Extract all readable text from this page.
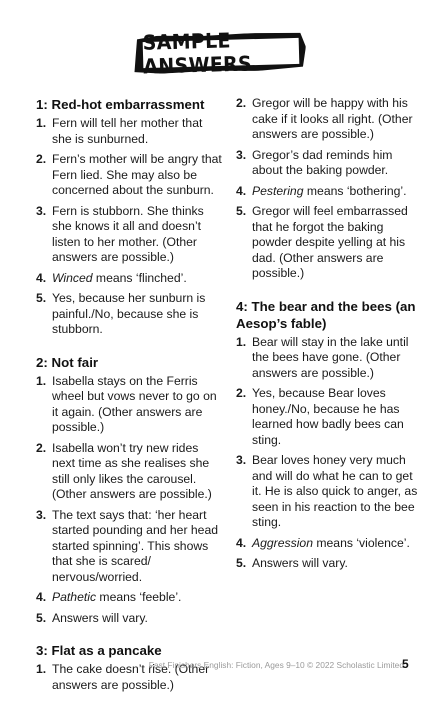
SAMPLE ANSWERS
1: Red-hot embarrassment
1. Fern will tell her mother that she is sunburned.
2. Fern’s mother will be angry that Fern lied. She may also be concerned about the sunburn.
3. Fern is stubborn. She thinks she knows it all and doesn’t listen to her mother. (Other answers are possible.)
4. Winced means ‘flinched’.
5. Yes, because her sunburn is painful./No, because she is stubborn.
2: Not fair
1. Isabella stays on the Ferris wheel but vows never to go on it again. (Other answers are possible.)
2. Isabella won’t try new rides next time as she realises she still only likes the carousel. (Other answers are possible.)
3. The text says that: ‘her heart started pounding and her head started spinning’. This shows that she is scared/ nervous/worried.
4. Pathetic means ‘feeble’.
5. Answers will vary.
3: Flat as a pancake
1. The cake doesn’t rise. (Other answers are possible.)
2. Gregor will be happy with his cake if it looks all right. (Other answers are possible.)
3. Gregor’s dad reminds him about the baking powder.
4. Pestering means ‘bothering’.
5. Gregor will feel embarrassed that he forgot the baking powder despite yelling at his dad. (Other answers are possible.)
4: The bear and the bees (an Aesop’s fable)
1. Bear will stay in the lake until the bees have gone. (Other answers are possible.)
2. Yes, because Bear loves honey./No, because he has learned how badly bees can sting.
3. Bear loves honey very much and will do what he can to get it. He is also quick to anger, as seen in his reaction to the bee sting.
4. Aggression means ‘violence’.
5. Answers will vary.
Fast Finishers English: Fiction, Ages 9–10 © 2022 Scholastic Limited
5
